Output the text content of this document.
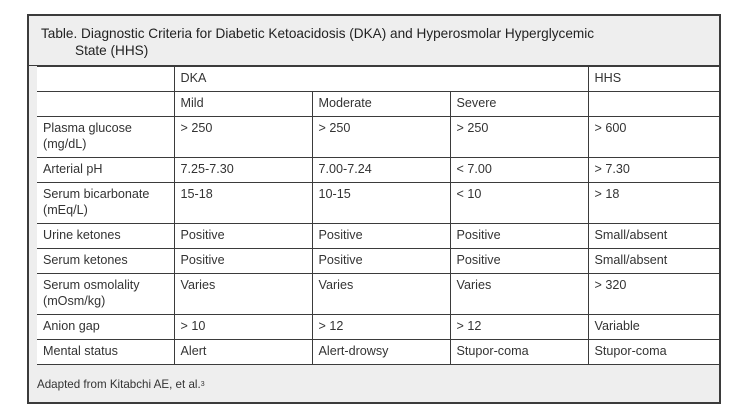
Table. Diagnostic Criteria for Diabetic Ketoacidosis (DKA) and Hyperosmolar Hyperglycemic
State (HHS)
	DKA			HHS
	Mild	Moderate	Severe	
Plasma glucose (mg/dL)	> 250	> 250	> 250	> 600
Arterial pH	7.25-7.30	7.00-7.24	< 7.00	> 7.30
Serum bicarbonate (mEq/L)	15-18	10-15	< 10	> 18
Urine ketones	Positive	Positive	Positive	Small/absent
Serum ketones	Positive	Positive	Positive	Small/absent
Serum osmolality (mOsm/kg)	Varies	Varies	Varies	> 320
Anion gap	> 10	> 12	> 12	Variable
Mental status	Alert	Alert-drowsy	Stupor-coma	Stupor-coma
Adapted from Kitabchi AE, et al.$^3$
